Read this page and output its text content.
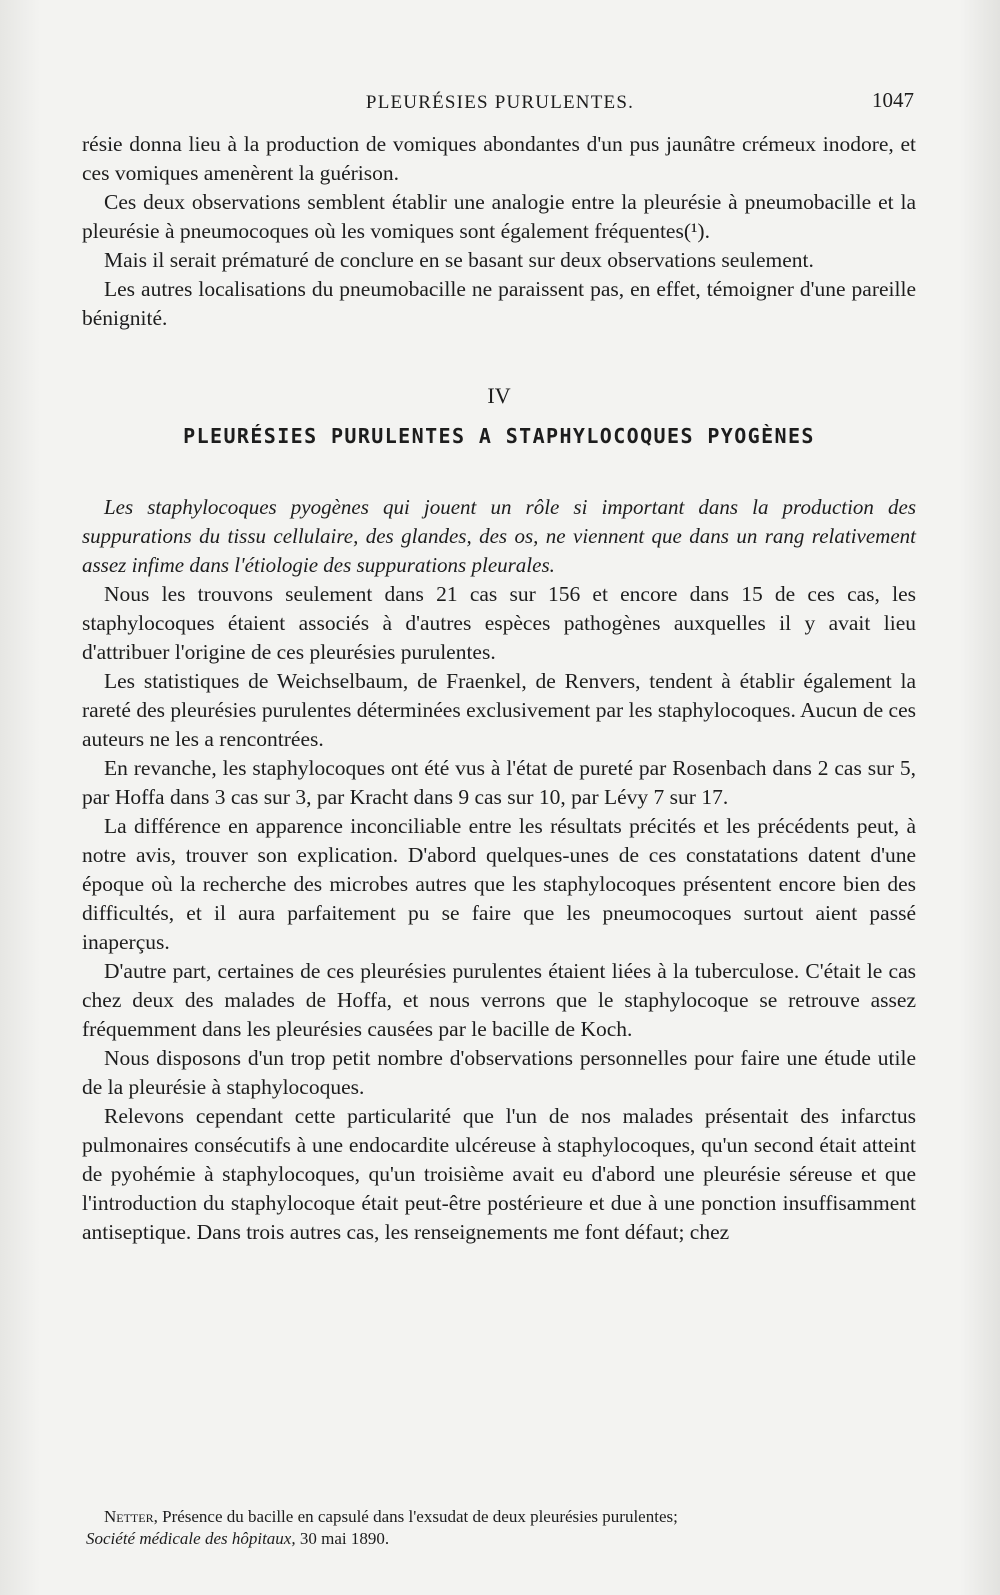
PLEURÉSIES PURULENTES.	1047

résie donna lieu à la production de vomiques abondantes d'un pus jaunâtre crémeux inodore, et ces vomiques amenèrent la guérison.

Ces deux observations semblent établir une analogie entre la pleurésie à pneumobacille et la pleurésie à pneumocoques où les vomiques sont également fréquentes(¹).

Mais il serait prématuré de conclure en se basant sur deux observations seulement.

Les autres localisations du pneumobacille ne paraissent pas, en effet, témoigner d'une pareille bénignité.

IV
PLEURÉSIES PURULENTES A STAPHYLOCOQUES PYOGÈNES

Les staphylocoques pyogènes qui jouent un rôle si important dans la production des suppurations du tissu cellulaire, des glandes, des os, ne viennent que dans un rang relativement assez infime dans l'étiologie des suppurations pleurales.

Nous les trouvons seulement dans 21 cas sur 156 et encore dans 15 de ces cas, les staphylocoques étaient associés à d'autres espèces pathogènes auxquelles il y avait lieu d'attribuer l'origine de ces pleurésies purulentes.

Les statistiques de Weichselbaum, de Fraenkel, de Renvers, tendent à établir également la rareté des pleurésies purulentes déterminées exclusivement par les staphylocoques. Aucun de ces auteurs ne les a rencontrées.

En revanche, les staphylocoques ont été vus à l'état de pureté par Rosenbach dans 2 cas sur 5, par Hoffa dans 3 cas sur 3, par Kracht dans 9 cas sur 10, par Lévy 7 sur 17.

La différence en apparence inconciliable entre les résultats précités et les précédents peut, à notre avis, trouver son explication. D'abord quelques-unes de ces constatations datent d'une époque où la recherche des microbes autres que les staphylocoques présentent encore bien des difficultés, et il aura parfaitement pu se faire que les pneumocoques surtout aient passé inaperçus.

D'autre part, certaines de ces pleurésies purulentes étaient liées à la tuberculose. C'était le cas chez deux des malades de Hoffa, et nous verrons que le staphylocoque se retrouve assez fréquemment dans les pleurésies causées par le bacille de Koch.

Nous disposons d'un trop petit nombre d'observations personnelles pour faire une étude utile de la pleurésie à staphylocoques.

Relevons cependant cette particularité que l'un de nos malades présentait des infarctus pulmonaires consécutifs à une endocardite ulcéreuse à staphylocoques, qu'un second était atteint de pyohémie à staphylocoques, qu'un troisième avait eu d'abord une pleurésie séreuse et que l'introduction du staphylocoque était peut-être postérieure et due à une ponction insuffisamment antiseptique. Dans trois autres cas, les renseignements me font défaut; chez

Netter, Présence du bacille en capsulé dans l'exsudat de deux pleurésies purulentes;

Société médicale des hôpitaux, 30 mai 1890.
